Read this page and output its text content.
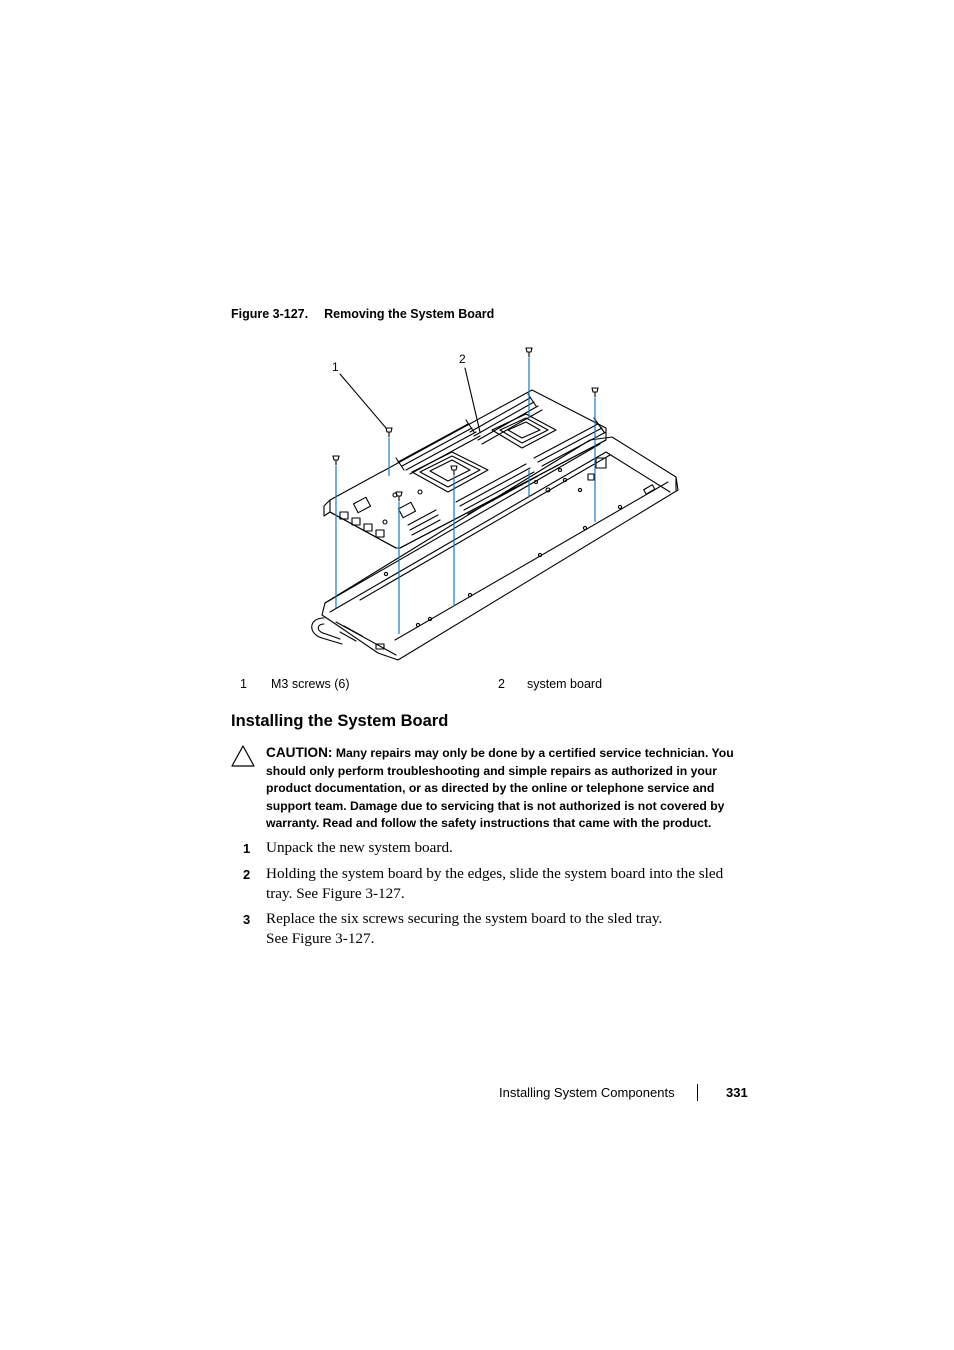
Figure 3-127. Removing the System Board
1
2
1 M3 screws (6)	2 system board
Installing the System Board
CAUTION: Many repairs may only be done by a certified service technician. You should only perform troubleshooting and simple repairs as authorized in your product documentation, or as directed by the online or telephone service and support team. Damage due to servicing that is not authorized is not covered by warranty. Read and follow the safety instructions that came with the product.
1 Unpack the new system board.
2 Holding the system board by the edges, slide the system board into the sled tray. See Figure 3-127.
3 Replace the six screws securing the system board to the sled tray.
See Figure 3-127.
Installing System Components	331
